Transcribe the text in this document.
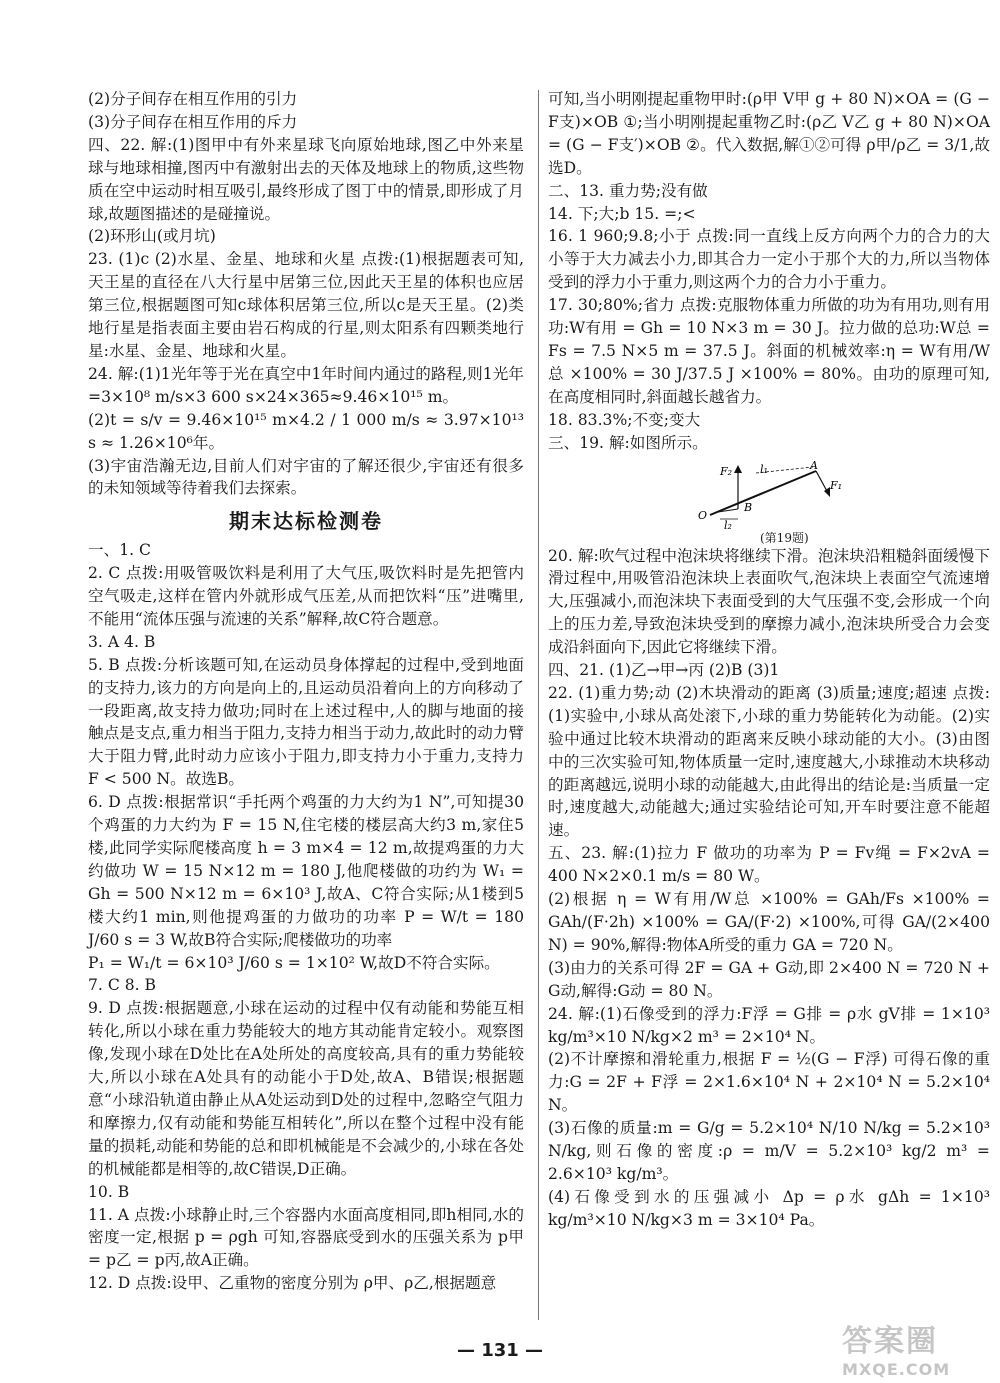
(2)分子间存在相互作用的引力

(3)分子间存在相互作用的斥力

四、22. 解:(1)图甲中有外来星球飞向原始地球,图乙中外来星球与地球相撞,图丙中有激射出去的天体及地球上的物质,这些物质在空中运动时相互吸引,最终形成了图丁中的情景,即形成了月球,故题图描述的是碰撞说。

(2)环形山(或月坑)

23. (1)c (2)水星、金星、地球和火星 点拨:(1)根据题表可知,天王星的直径在八大行星中居第三位,因此天王星的体积也应居第三位,根据题图可知c球体积居第三位,所以c是天王星。(2)类地行星是指表面主要由岩石构成的行星,则太阳系有四颗类地行星:水星、金星、地球和火星。

24. 解:(1)1光年等于光在真空中1年时间内通过的路程,则1光年=3×10⁸ m/s×3 600 s×24×365≈9.46×10¹⁵ m。

(2)t = s/v = 9.46×10¹⁵ m×4.2 / 1 000 m/s ≈ 3.97×10¹³ s ≈ 1.26×10⁶年。

(3)宇宙浩瀚无边,目前人们对宇宙的了解还很少,宇宙还有很多的未知领域等待着我们去探索。

期末达标检测卷

一、1. C

2. C 点拨:用吸管吸饮料是利用了大气压,吸饮料时是先把管内空气吸走,这样在管内外就形成气压差,从而把饮料“压”进嘴里,不能用“流体压强与流速的关系”解释,故C符合题意。

3. A 4. B

5. B 点拨:分析该题可知,在运动员身体撑起的过程中,受到地面的支持力,该力的方向是向上的,且运动员沿着向上的方向移动了一段距离,故支持力做功;同时在上述过程中,人的脚与地面的接触点是支点,重力相当于阻力,支持力相当于动力,故此时的动力臂大于阻力臂,此时动力应该小于阻力,即支持力小于重力,支持力 F < 500 N。故选B。

6. D 点拨:根据常识“手托两个鸡蛋的力大约为1 N”,可知提30个鸡蛋的力大约为 F = 15 N,住宅楼的楼层高大约3 m,家住5楼,此同学实际爬楼高度 h = 3 m×4 = 12 m,故提鸡蛋的力大约做功 W = 15 N×12 m = 180 J,他爬楼做的功约为 W₁ = Gh = 500 N×12 m = 6×10³ J,故A、C符合实际;从1楼到5楼大约1 min,则他提鸡蛋的力做功的功率 P = W/t = 180 J/60 s = 3 W,故B符合实际;爬楼做功的功率

P₁ = W₁/t = 6×10³ J/60 s = 1×10² W,故D不符合实际。

7. C 8. B

9. D 点拨:根据题意,小球在运动的过程中仅有动能和势能互相转化,所以小球在重力势能较大的地方其动能肯定较小。观察图像,发现小球在D处比在A处所处的高度较高,具有的重力势能较大,所以小球在A处具有的动能小于D处,故A、B错误;根据题意“小球沿轨道由静止从A处运动到D处的过程中,忽略空气阻力和摩擦力,仅有动能和势能互相转化”,所以在整个过程中没有能量的损耗,动能和势能的总和即机械能是不会减少的,小球在各处的机械能都是相等的,故C错误,D正确。

10. B

11. A 点拨:小球静止时,三个容器内水面高度相同,即h相同,水的密度一定,根据 p = ρgh 可知,容器底受到水的压强关系为 p甲 = p乙 = p丙,故A正确。

12. D 点拨:设甲、乙重物的密度分别为 ρ甲、ρ乙,根据题意

可知,当小明刚提起重物甲时:(ρ甲 V甲 g + 80 N)×OA = (G − F支)×OB ①;当小明刚提起重物乙时:(ρ乙 V乙 g + 80 N)×OA = (G − F支′)×OB ②。代入数据,解①②可得 ρ甲/ρ乙 = 3/1,故选D。

二、13. 重力势;没有做

14. 下;大;b 15. =;<

16. 1 960;9.8;小于 点拨:同一直线上反方向两个力的合力的大小等于大力减去小力,即其合力一定小于那个大的力,所以当物体受到的浮力小于重力,则这两个力的合力小于重力。

17. 30;80%;省力 点拨:克服物体重力所做的功为有用功,则有用功:W有用 = Gh = 10 N×3 m = 30 J。拉力做的总功:W总 = Fs = 7.5 N×5 m = 37.5 J。斜面的机械效率:η = W有用/W总 ×100% = 30 J/37.5 J ×100% = 80%。由功的原理可知,在高度相同时,斜面越长越省力。

18. 83.3%;不变;变大

三、19. 解:如图所示。

A
F₂	l₁
F₁
O
B
l₂
(第19题)

20. 解:吹气过程中泡沫块将继续下滑。泡沫块沿粗糙斜面缓慢下滑过程中,用吸管沿泡沫块上表面吹气,泡沫块上表面空气流速增大,压强减小,而泡沫块下表面受到的大气压强不变,会形成一个向上的压力差,导致泡沫块受到的摩擦力减小,泡沫块所受合力会变成沿斜面向下,因此它将继续下滑。

四、21. (1)乙→甲→丙 (2)B (3)1

22. (1)重力势;动 (2)木块滑动的距离 (3)质量;速度;超速 点拨:(1)实验中,小球从高处滚下,小球的重力势能转化为动能。(2)实验中通过比较木块滑动的距离来反映小球动能的大小。(3)由图中的三次实验可知,物体质量一定时,速度越大,小球推动木块移动的距离越远,说明小球的动能越大,由此得出的结论是:当质量一定时,速度越大,动能越大;通过实验结论可知,开车时要注意不能超速。

五、23. 解:(1)拉力 F 做功的功率为 P = Fv绳 = F×2vA = 400 N×2×0.1 m/s = 80 W。

(2)根据 η = W有用/W总 ×100% = GAh/Fs ×100% = GAh/(F·2h) ×100% = GA/(F·2) ×100%,可得 GA/(2×400 N) = 90%,解得:物体A所受的重力 GA = 720 N。

(3)由力的关系可得 2F = GA + G动,即 2×400 N = 720 N + G动,解得:G动 = 80 N。

24. 解:(1)石像受到的浮力:F浮 = G排 = ρ水 gV排 = 1×10³ kg/m³×10 N/kg×2 m³ = 2×10⁴ N。

(2)不计摩擦和滑轮重力,根据 F = ½(G − F浮) 可得石像的重力:G = 2F + F浮 = 2×1.6×10⁴ N + 2×10⁴ N = 5.2×10⁴ N。

(3)石像的质量:m = G/g = 5.2×10⁴ N/10 N/kg = 5.2×10³ N/kg,则石像的密度:ρ = m/V = 5.2×10³ kg/2 m³ = 2.6×10³ kg/m³。

(4)石像受到水的压强减小 Δp = ρ水 gΔh = 1×10³ kg/m³×10 N/kg×3 m = 3×10⁴ Pa。

— 131 —	答案圈
MXQE.COM
